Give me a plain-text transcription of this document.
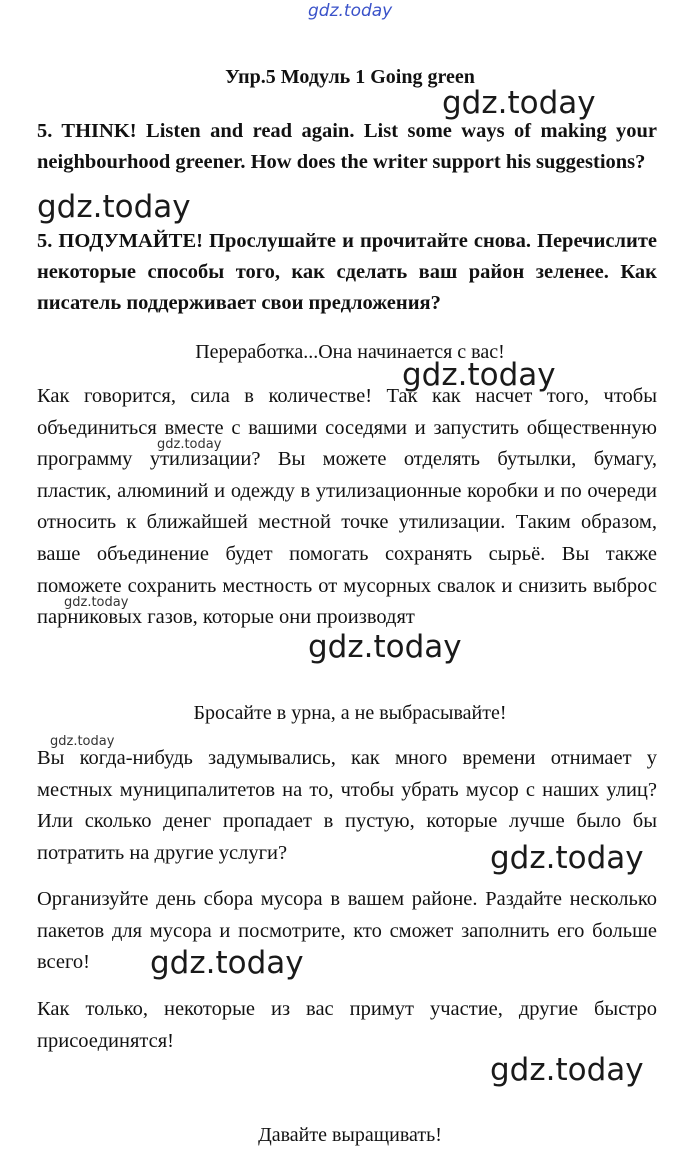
gdz.today
gdz.today
gdz.today
gdz.today
gdz.today
gdz.today
gdz.today
gdz.today
gdz.today
gdz.today
gdz.today
Упр.5 Модуль 1 Going green
5. THINK! Listen and read again. List some ways of making your neighbourhood greener. How does the writer support his suggestions?
5. ПОДУМАЙТЕ! Прослушайте и прочитайте снова. Перечислите некоторые способы того, как сделать ваш район зеленее. Как писатель поддерживает свои предложения?
Переработка...Она начинается с вас!
Как говорится, сила в количестве! Так как насчет того, чтобы объединиться вместе с вашими соседями и запустить общественную программу утилизации? Вы можете отделять бутылки, бумагу, пластик, алюминий и одежду в утилизационные коробки и по очереди относить к ближайшей местной точке утилизации. Таким образом, ваше объединение будет помогать сохранять сырьё. Вы также поможете сохранить местность от мусорных свалок и снизить выброс парниковых газов, которые они производят
Бросайте в урна, а не выбрасывайте!
Вы когда-нибудь задумывались, как много времени отнимает у местных муниципалитетов на то, чтобы убрать мусор с наших улиц? Или сколько денег пропадает в пустую, которые лучше было бы потратить на другие услуги?
Организуйте день сбора мусора в вашем районе. Раздайте несколько пакетов для мусора и посмотрите, кто сможет заполнить его больше всего!
Как только, некоторые из вас примут участие, другие быстро присоединятся!
Давайте выращивать!
